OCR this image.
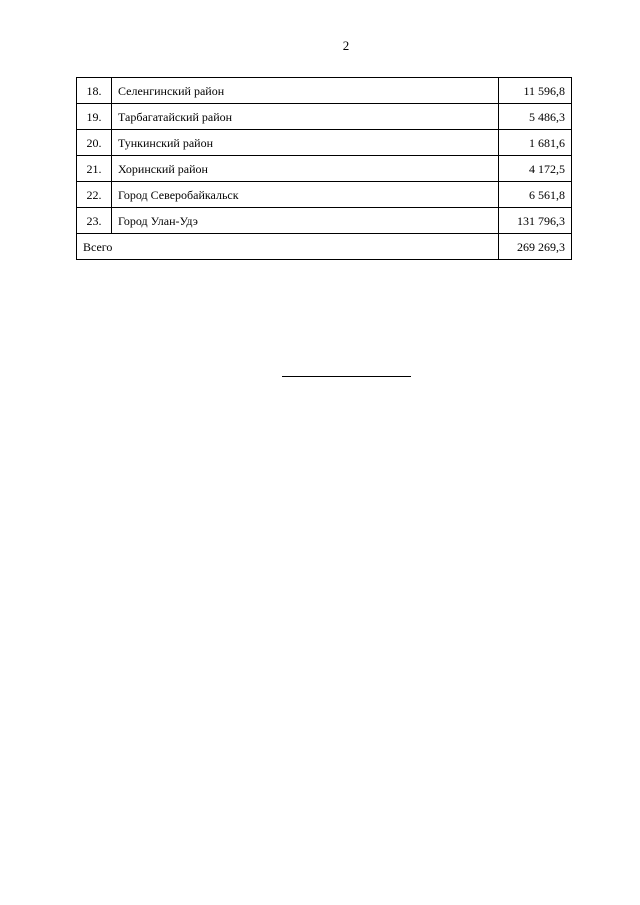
2
18.	Селенгинский район	11 596,8
19.	Тарбагатайский район	5 486,3
20.	Тункинский район	1 681,6
21.	Хоринский район	4 172,5
22.	Город Северобайкальск	6 561,8
23.	Город Улан-Удэ	131 796,3
Всего		269 269,3
